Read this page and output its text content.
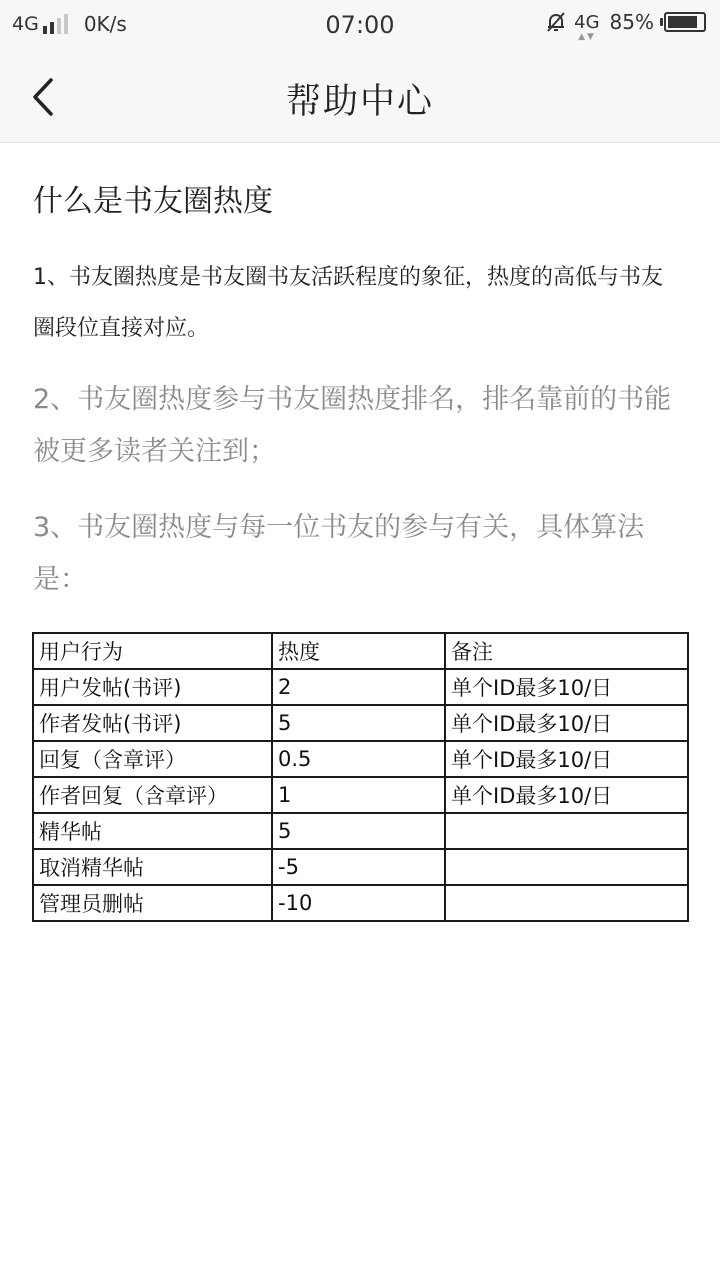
4G 0K/s	07:00	4G
▲▼
85%
帮助中心
什么是书友圈热度
1、书友圈热度是书友圈书友活跃程度的象征，热度的高低与书友圈段位直接对应。
2、书友圈热度参与书友圈热度排名，排名靠前的书能被更多读者关注到；
3、书友圈热度与每一位书友的参与有关，具体算法是：
用户行为	热度	备注
用户发帖(书评)	2	单个ID最多10/日
作者发帖(书评)	5	单个ID最多10/日
回复（含章评）	0.5	单个ID最多10/日
作者回复（含章评）	1	单个ID最多10/日
精华帖	5	
取消精华帖	-5	
管理员删帖	-10	
